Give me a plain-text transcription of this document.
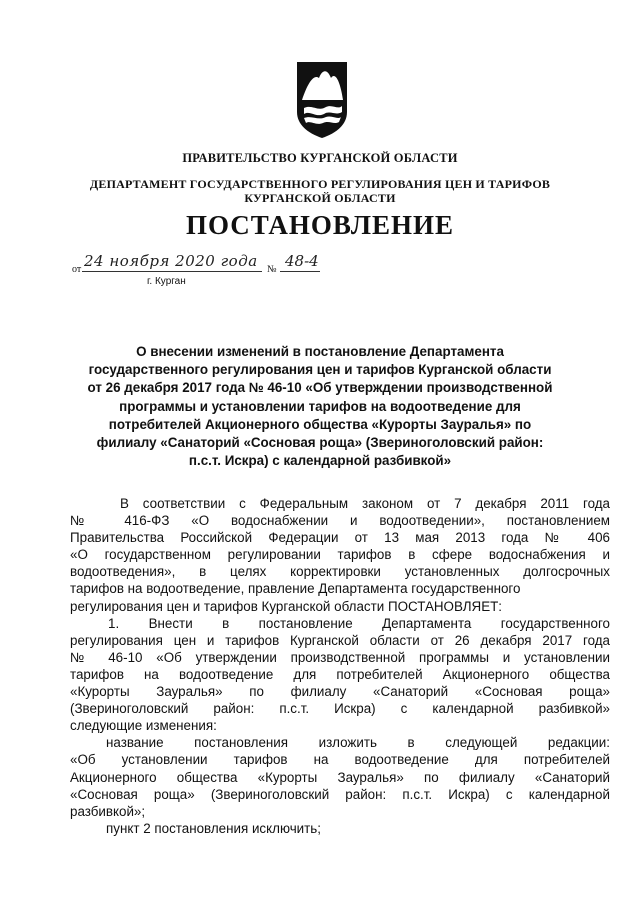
ПРАВИТЕЛЬСТВО КУРГАНСКОЙ ОБЛАСТИ
ДЕПАРТАМЕНТ ГОСУДАРСТВЕННОГО РЕГУЛИРОВАНИЯ ЦЕН И ТАРИФОВ
КУРГАНСКОЙ ОБЛАСТИ
ПОСТАНОВЛЕНИЕ
от 24 ноября 2020 года № 48-4
г. Курган
О внесении изменений в постановление Департамента
государственного регулирования цен и тарифов Курганской области
от 26 декабря 2017 года № 46-10 «Об утверждении производственной
программы и установлении тарифов на водоотведение для
потребителей Акционерного общества «Курорты Зауралья» по
филиалу «Санаторий «Сосновая роща» (Звериноголовский район:
п.с.т. Искра) с календарной разбивкой»
В соответствии с Федеральным законом от 7 декабря 2011 года
№ 416-ФЗ «О водоснабжении и водоотведении», постановлением
Правительства Российской Федерации от 13 мая 2013 года № 406
«О государственном регулировании тарифов в сфере водоснабжения и
водоотведения», в целях корректировки установленных долгосрочных
тарифов на водоотведение, правление Департамента государственного
регулирования цен и тарифов Курганской области ПОСТАНОВЛЯЕТ:
1. Внести в постановление Департамента государственного
регулирования цен и тарифов Курганской области от 26 декабря 2017 года
№ 46-10 «Об утверждении производственной программы и установлении
тарифов на водоотведение для потребителей Акционерного общества
«Курорты Зауралья» по филиалу «Санаторий «Сосновая роща»
(Звериноголовский район: п.с.т. Искра) с календарной разбивкой»
следующие изменения:
название постановления изложить в следующей редакции:
«Об установлении тарифов на водоотведение для потребителей
Акционерного общества «Курорты Зауралья» по филиалу «Санаторий
«Сосновая роща» (Звериноголовский район: п.с.т. Искра) с календарной
разбивкой»;
пункт 2 постановления исключить;
